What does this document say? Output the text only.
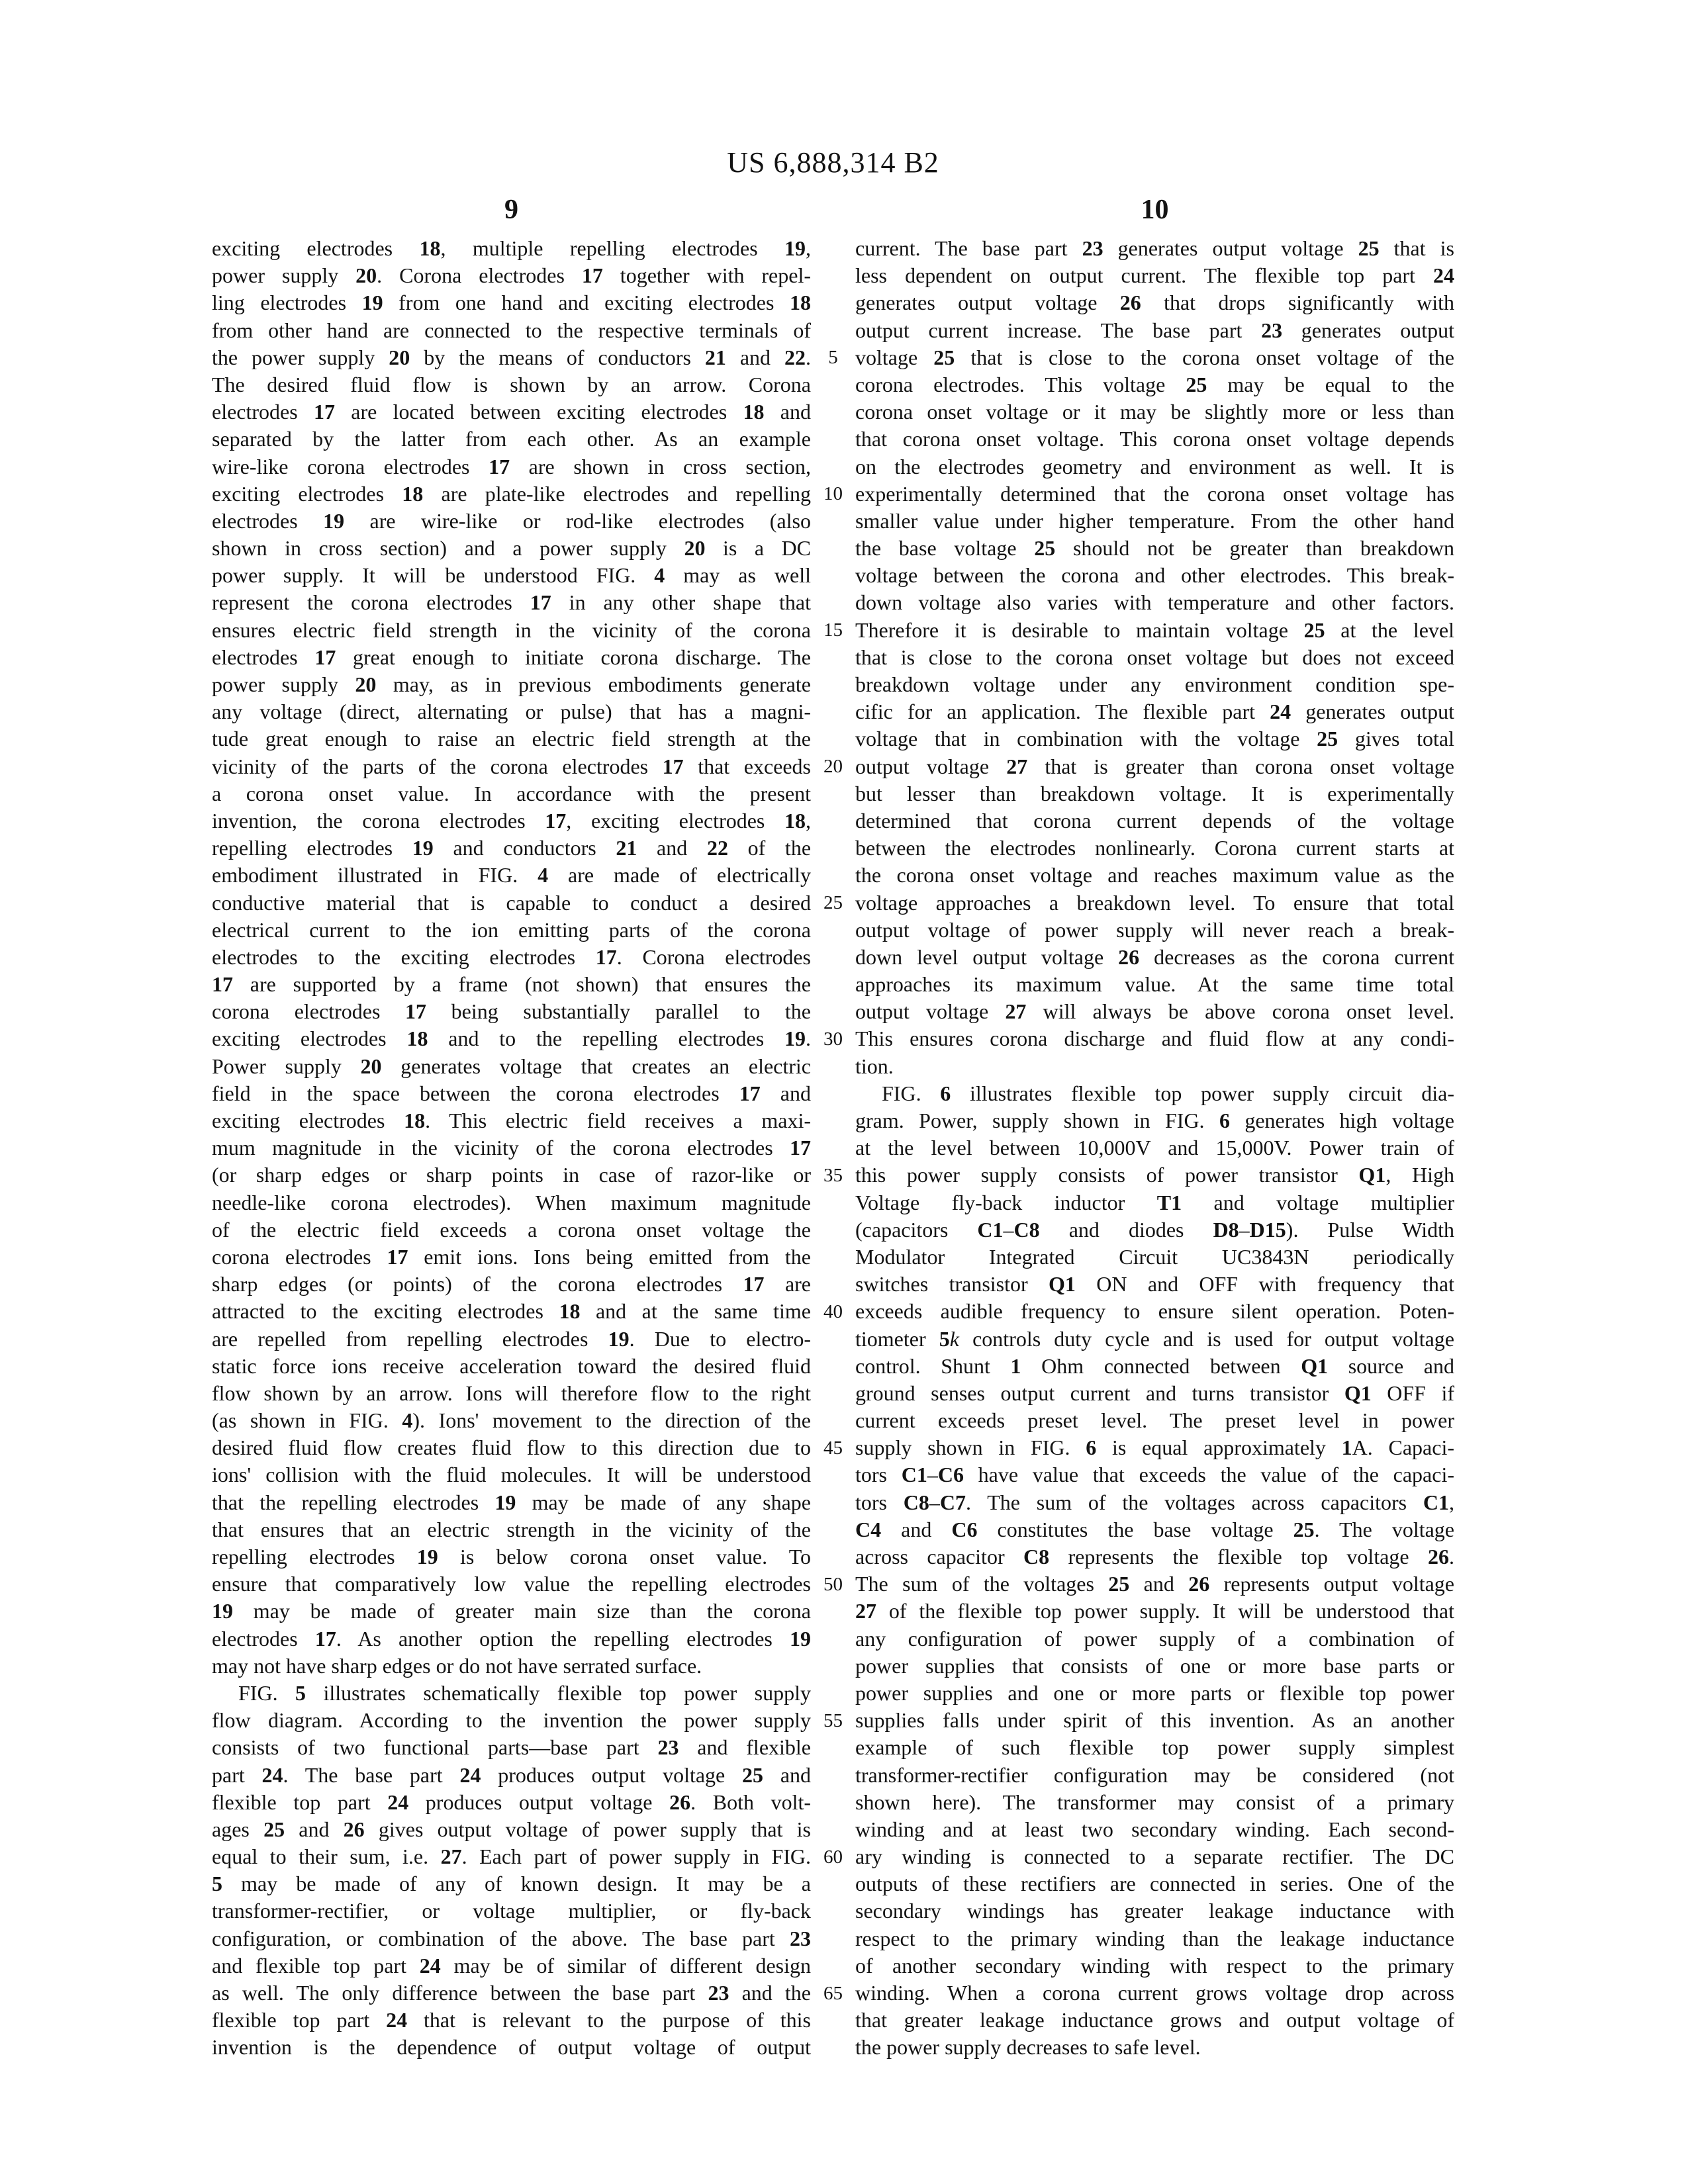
US 6,888,314 B2
9	10
exciting electrodes 18, multiple repelling electrodes 19,
power supply 20. Corona electrodes 17 together with repel-
ling electrodes 19 from one hand and exciting electrodes 18
from other hand are connected to the respective terminals of
the power supply 20 by the means of conductors 21 and 22.
The desired fluid flow is shown by an arrow. Corona
electrodes 17 are located between exciting electrodes 18 and
separated by the latter from each other. As an example
wire-like corona electrodes 17 are shown in cross section,
exciting electrodes 18 are plate-like electrodes and repelling
electrodes 19 are wire-like or rod-like electrodes (also
shown in cross section) and a power supply 20 is a DC
power supply. It will be understood FIG. 4 may as well
represent the corona electrodes 17 in any other shape that
ensures electric field strength in the vicinity of the corona
electrodes 17 great enough to initiate corona discharge. The
power supply 20 may, as in previous embodiments generate
any voltage (direct, alternating or pulse) that has a magni-
tude great enough to raise an electric field strength at the
vicinity of the parts of the corona electrodes 17 that exceeds
a corona onset value. In accordance with the present
invention, the corona electrodes 17, exciting electrodes 18,
repelling electrodes 19 and conductors 21 and 22 of the
embodiment illustrated in FIG. 4 are made of electrically
conductive material that is capable to conduct a desired
electrical current to the ion emitting parts of the corona
electrodes to the exciting electrodes 17. Corona electrodes
17 are supported by a frame (not shown) that ensures the
corona electrodes 17 being substantially parallel to the
exciting electrodes 18 and to the repelling electrodes 19.
Power supply 20 generates voltage that creates an electric
field in the space between the corona electrodes 17 and
exciting electrodes 18. This electric field receives a maxi-
mum magnitude in the vicinity of the corona electrodes 17
(or sharp edges or sharp points in case of razor-like or
needle-like corona electrodes). When maximum magnitude
of the electric field exceeds a corona onset voltage the
corona electrodes 17 emit ions. Ions being emitted from the
sharp edges (or points) of the corona electrodes 17 are
attracted to the exciting electrodes 18 and at the same time
are repelled from repelling electrodes 19. Due to electro-
static force ions receive acceleration toward the desired fluid
flow shown by an arrow. Ions will therefore flow to the right
(as shown in FIG. 4). Ions' movement to the direction of the
desired fluid flow creates fluid flow to this direction due to
ions' collision with the fluid molecules. It will be understood
that the repelling electrodes 19 may be made of any shape
that ensures that an electric strength in the vicinity of the
repelling electrodes 19 is below corona onset value. To
ensure that comparatively low value the repelling electrodes
19 may be made of greater main size than the corona
electrodes 17. As another option the repelling electrodes 19
may not have sharp edges or do not have serrated surface.
FIG. 5 illustrates schematically flexible top power supply
flow diagram. According to the invention the power supply
consists of two functional parts—base part 23 and flexible
part 24. The base part 24 produces output voltage 25 and
flexible top part 24 produces output voltage 26. Both volt-
ages 25 and 26 gives output voltage of power supply that is
equal to their sum, i.e. 27. Each part of power supply in FIG.
5 may be made of any of known design. It may be a
transformer-rectifier, or voltage multiplier, or fly-back
configuration, or combination of the above. The base part 23
and flexible top part 24 may be of similar of different design
as well. The only difference between the base part 23 and the
flexible top part 24 that is relevant to the purpose of this
invention is the dependence of output voltage of output
5
10
15
20
25
30
35
40
45
50
55
60
65
current. The base part 23 generates output voltage 25 that is
less dependent on output current. The flexible top part 24
generates output voltage 26 that drops significantly with
output current increase. The base part 23 generates output
voltage 25 that is close to the corona onset voltage of the
corona electrodes. This voltage 25 may be equal to the
corona onset voltage or it may be slightly more or less than
that corona onset voltage. This corona onset voltage depends
on the electrodes geometry and environment as well. It is
experimentally determined that the corona onset voltage has
smaller value under higher temperature. From the other hand
the base voltage 25 should not be greater than breakdown
voltage between the corona and other electrodes. This break-
down voltage also varies with temperature and other factors.
Therefore it is desirable to maintain voltage 25 at the level
that is close to the corona onset voltage but does not exceed
breakdown voltage under any environment condition spe-
cific for an application. The flexible part 24 generates output
voltage that in combination with the voltage 25 gives total
output voltage 27 that is greater than corona onset voltage
but lesser than breakdown voltage. It is experimentally
determined that corona current depends of the voltage
between the electrodes nonlinearly. Corona current starts at
the corona onset voltage and reaches maximum value as the
voltage approaches a breakdown level. To ensure that total
output voltage of power supply will never reach a break-
down level output voltage 26 decreases as the corona current
approaches its maximum value. At the same time total
output voltage 27 will always be above corona onset level.
This ensures corona discharge and fluid flow at any condi-
tion.
FIG. 6 illustrates flexible top power supply circuit dia-
gram. Power, supply shown in FIG. 6 generates high voltage
at the level between 10,000V and 15,000V. Power train of
this power supply consists of power transistor Q1, High
Voltage fly-back inductor T1 and voltage multiplier
(capacitors C1–C8 and diodes D8–D15). Pulse Width
Modulator Integrated Circuit UC3843N periodically
switches transistor Q1 ON and OFF with frequency that
exceeds audible frequency to ensure silent operation. Poten-
tiometer 5k controls duty cycle and is used for output voltage
control. Shunt 1 Ohm connected between Q1 source and
ground senses output current and turns transistor Q1 OFF if
current exceeds preset level. The preset level in power
supply shown in FIG. 6 is equal approximately 1A. Capaci-
tors C1–C6 have value that exceeds the value of the capaci-
tors C8–C7. The sum of the voltages across capacitors C1,
C4 and C6 constitutes the base voltage 25. The voltage
across capacitor C8 represents the flexible top voltage 26.
The sum of the voltages 25 and 26 represents output voltage
27 of the flexible top power supply. It will be understood that
any configuration of power supply of a combination of
power supplies that consists of one or more base parts or
power supplies and one or more parts or flexible top power
supplies falls under spirit of this invention. As an another
example of such flexible top power supply simplest
transformer-rectifier configuration may be considered (not
shown here). The transformer may consist of a primary
winding and at least two secondary winding. Each second-
ary winding is connected to a separate rectifier. The DC
outputs of these rectifiers are connected in series. One of the
secondary windings has greater leakage inductance with
respect to the primary winding than the leakage inductance
of another secondary winding with respect to the primary
winding. When a corona current grows voltage drop across
that greater leakage inductance grows and output voltage of
the power supply decreases to safe level.
